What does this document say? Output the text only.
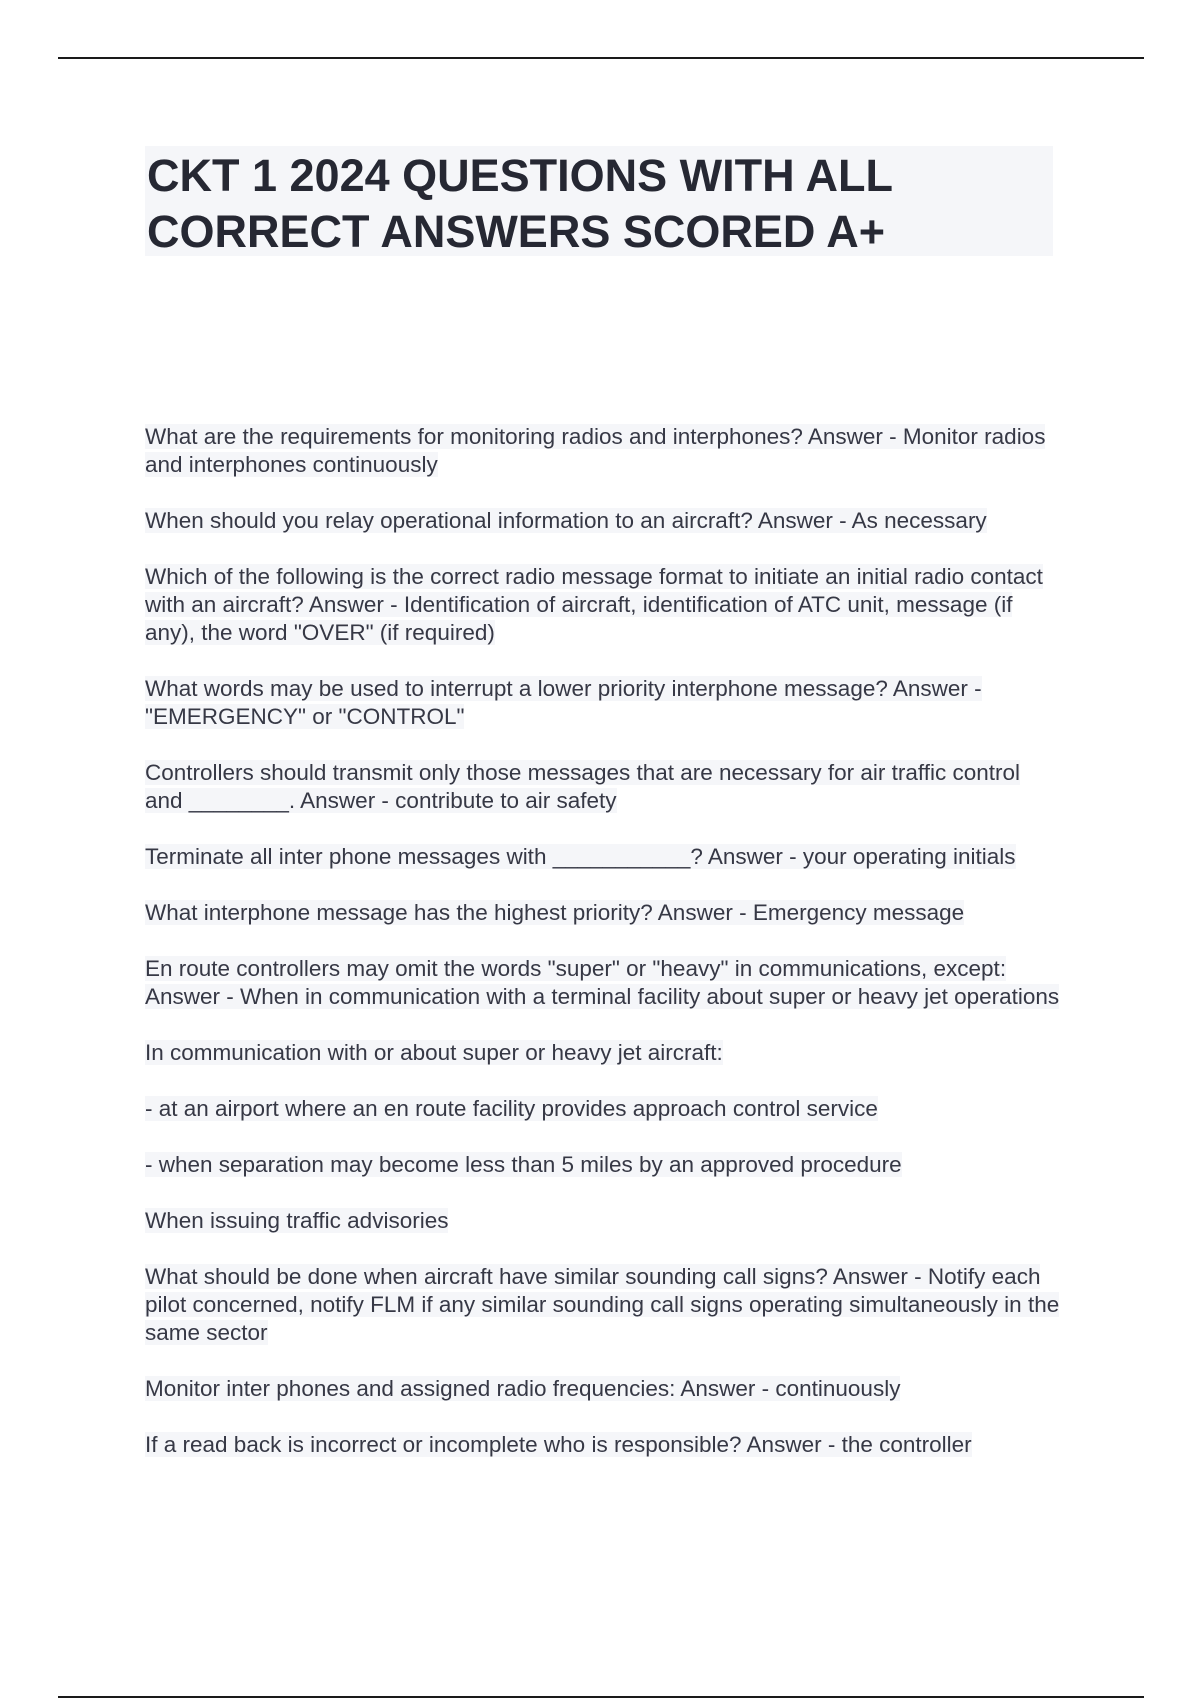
CKT 1 2024 QUESTIONS WITH ALL CORRECT ANSWERS SCORED A+

What are the requirements for monitoring radios and interphones? Answer - Monitor radios and interphones continuously

When should you relay operational information to an aircraft? Answer - As necessary

Which of the following is the correct radio message format to initiate an initial radio contact with an aircraft? Answer - Identification of aircraft, identification of ATC unit, message (if any), the word "OVER" (if required)

What words may be used to interrupt a lower priority interphone message? Answer - "EMERGENCY" or "CONTROL"

Controllers should transmit only those messages that are necessary for air traffic control and ________. Answer - contribute to air safety

Terminate all inter phone messages with ___________? Answer - your operating initials

What interphone message has the highest priority? Answer - Emergency message

En route controllers may omit the words "super" or "heavy" in communications, except: Answer - When in communication with a terminal facility about super or heavy jet operations

In communication with or about super or heavy jet aircraft:

- at an airport where an en route facility provides approach control service

- when separation may become less than 5 miles by an approved procedure

When issuing traffic advisories

What should be done when aircraft have similar sounding call signs? Answer - Notify each pilot concerned, notify FLM if any similar sounding call signs operating simultaneously in the same sector

Monitor inter phones and assigned radio frequencies: Answer - continuously

If a read back is incorrect or incomplete who is responsible? Answer - the controller
